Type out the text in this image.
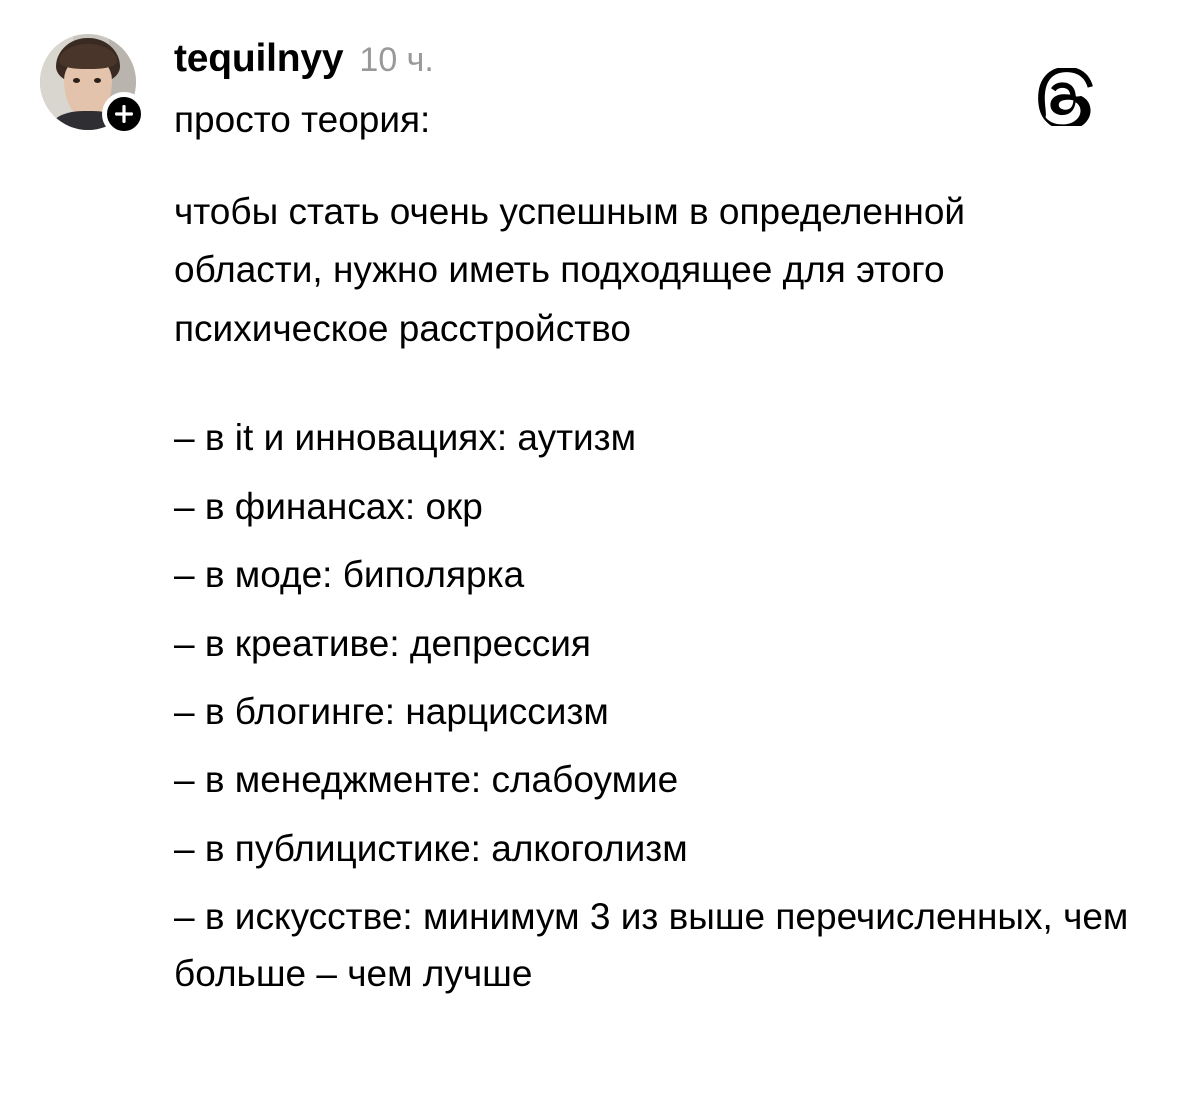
tequilnyy 10 ч.
просто теория:
чтобы стать очень успешным в определенной области, нужно иметь подходящее для этого психическое расстройство
– в it и инновациях: аутизм
– в финансах: окр
– в моде: биполярка
– в креативе: депрессия
– в блогинге: нарциссизм
– в менеджменте: слабоумие
– в публицистике: алкоголизм
– в искусстве: минимум 3 из выше перечисленных, чем больше – чем лучше
